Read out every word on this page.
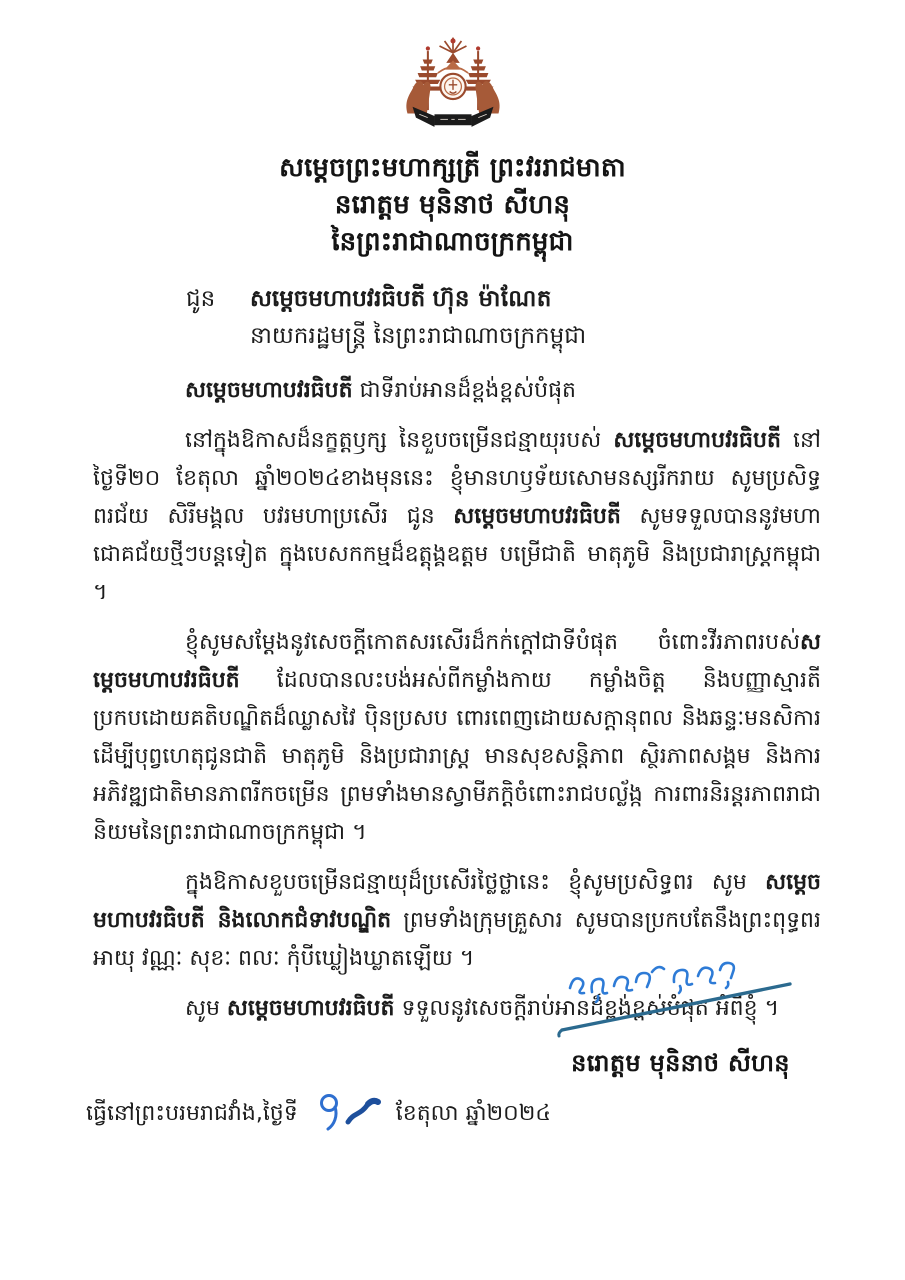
សម្តេចព្រះមហាក្សត្រី ព្រះវររាជមាតា
នរោត្តម មុនិនាថ សីហនុ
នៃព្រះរាជាណាចក្រកម្ពុជា
ជូន	សម្តេចមហាបវរធិបតី ហ៊ុន ម៉ាណែត
នាយករដ្ឋមន្ត្រី នៃព្រះរាជាណាចក្រកម្ពុជា

សម្តេចមហាបវរធិបតី ជាទីរាប់អានដ៏ខ្ពង់ខ្ពស់បំផុត

នៅក្នុងឱកាសដ៏នក្ខត្តឫក្ស នៃខួបចម្រើនជន្មាយុរបស់ សម្តេចមហាបវរធិបតី នៅថ្ងៃទី២០ ខែតុលា ឆ្នាំ២០២៤ខាងមុននេះ ខ្ញុំមានហឫទ័យសោមនស្សរីករាយ សូមប្រសិទ្ធពរជ័យ សិរីមង្គល បវរមហាប្រសើរ ជូន សម្តេចមហាបវរធិបតី សូមទទួលបាននូវមហាជោគជ័យថ្មីៗបន្តទៀត ក្នុងបេសកកម្មដ៏ឧត្តុង្គឧត្តម បម្រើជាតិ មាតុភូមិ និងប្រជារាស្ត្រកម្ពុជា ។

ខ្ញុំសូមសម្តែងនូវសេចក្តីកោតសរសើរដ៏កក់ក្តៅជាទីបំផុត ចំពោះវីរភាពរបស់សម្តេចមហាបវរធិបតី ដែលបានលះបង់អស់ពីកម្លាំងកាយ កម្លាំងចិត្ត និងបញ្ញាស្មារតី ប្រកបដោយគតិបណ្ឌិតដ៏ឈ្លាសវៃ ប៉ិនប្រសប ពោរពេញដោយសក្តានុពល និងឆន្ទៈមនសិការ ដើម្បីបុព្វហេតុជូនជាតិ មាតុភូមិ និងប្រជារាស្ត្រ មានសុខសន្តិភាព ស្ថិរភាពសង្គម និងការអភិវឌ្ឍជាតិមានភាពរីកចម្រើន ព្រមទាំងមានស្វាមីភក្តិចំពោះរាជបល្ល័ង្ក ការពារនិរន្តរភាពរាជានិយមនៃព្រះរាជាណាចក្រកម្ពុជា ។

ក្នុងឱកាសខួបចម្រើនជន្មាយុដ៏ប្រសើរថ្លៃថ្លានេះ ខ្ញុំសូមប្រសិទ្ធពរ សូម សម្តេចមហាបវរធិបតី និងលោកជំទាវបណ្ឌិត ព្រមទាំងក្រុមគ្រួសារ សូមបានប្រកបតែនឹងព្រះពុទ្ធពរ អាយុ វណ្ណៈ សុខៈ ពលៈ កុំបីឃ្លៀងឃ្លាតឡើយ ។

សូម សម្តេចមហាបវរធិបតី ទទួលនូវសេចក្តីរាប់អានដ៏ខ្ពង់ខ្ពស់បំផុត អំពីខ្ញុំ ។

នរោត្តម មុនិនាថ សីហនុ
ធ្វើនៅព្រះបរមរាជវាំង,ថ្ងៃទី	ខែតុលា ឆ្នាំ២០២៤
